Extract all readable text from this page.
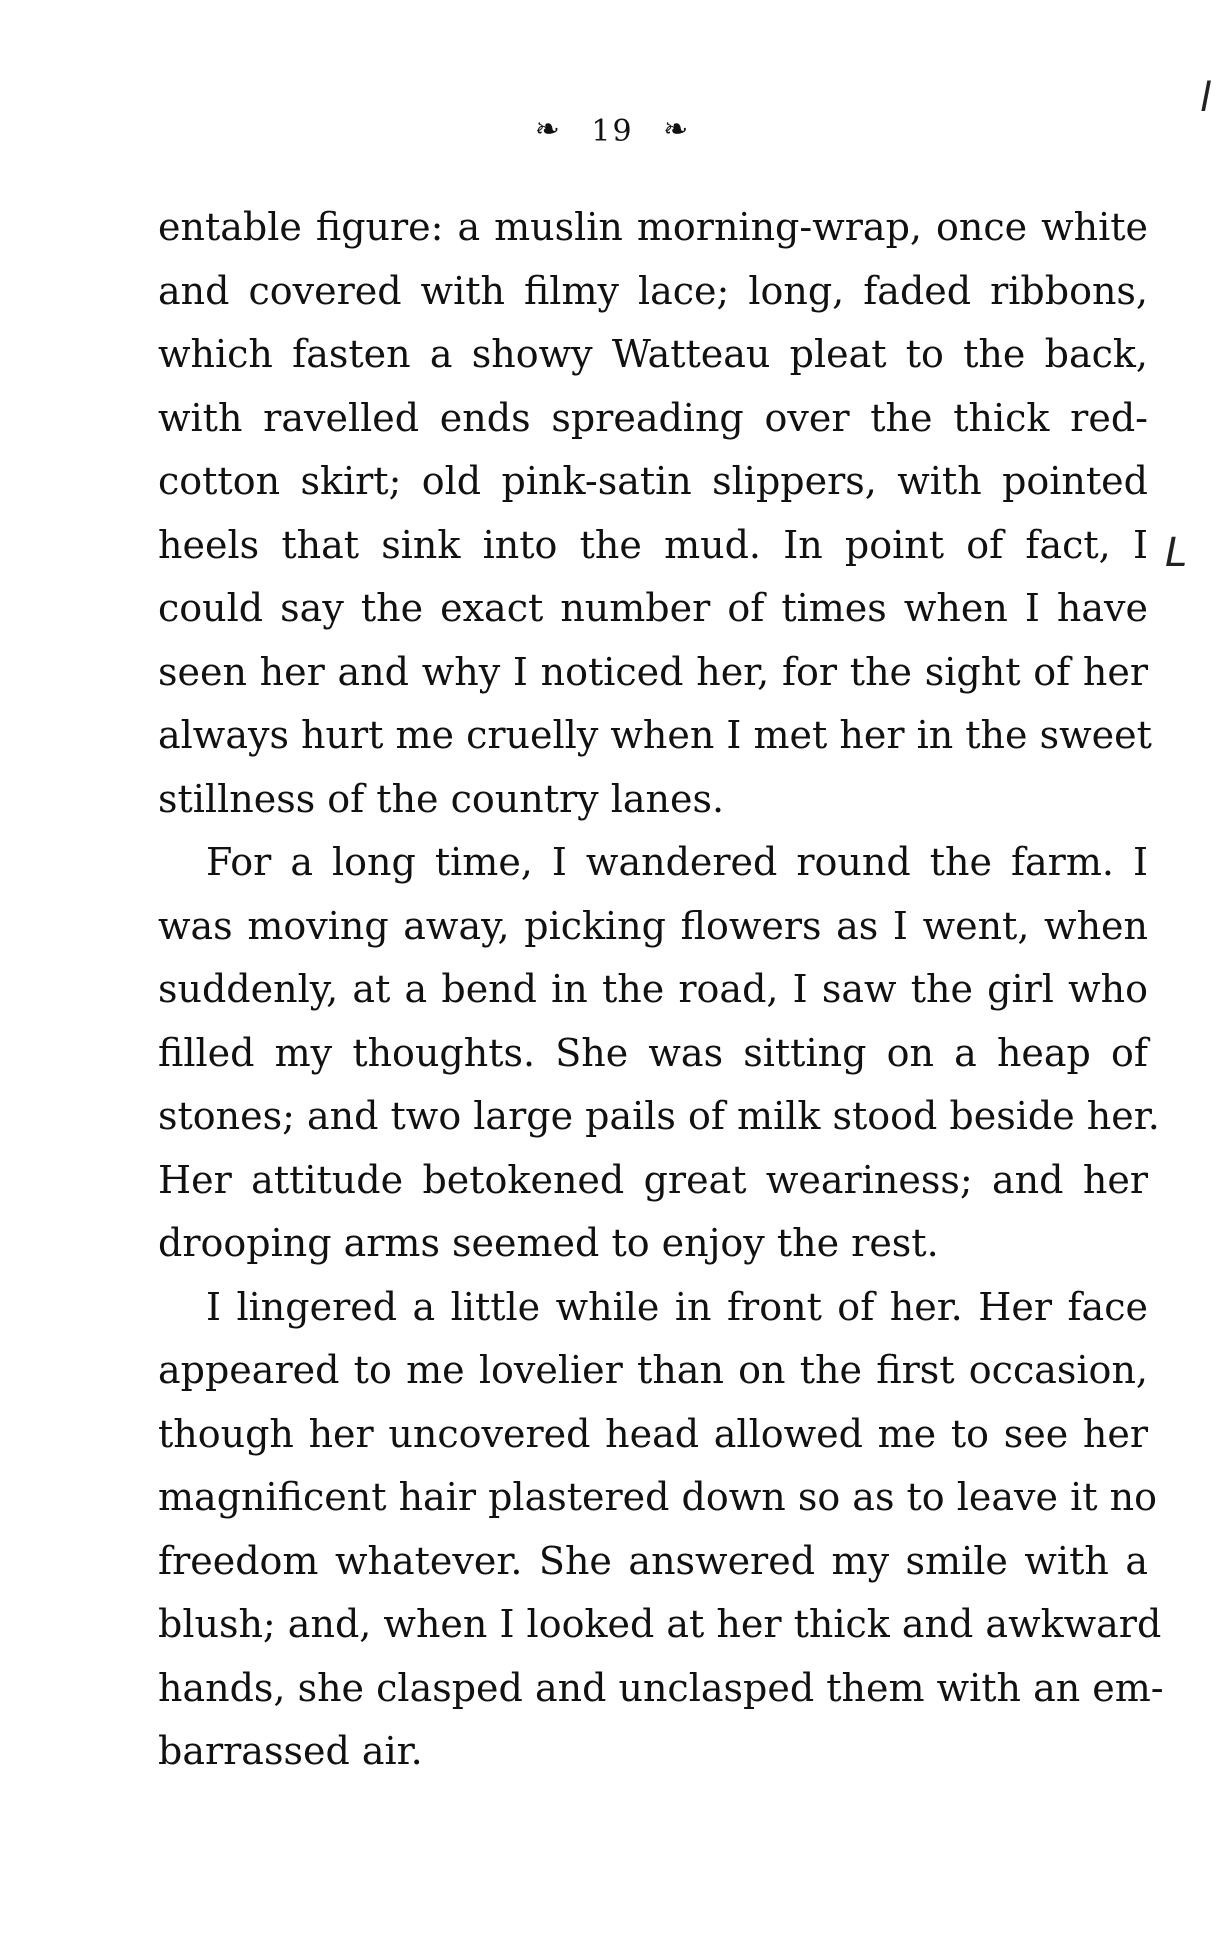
❧ 19 ❧
l
L
entable figure: a muslin morning-wrap, once white
and covered with filmy lace; long, faded ribbons,
which fasten a showy Watteau pleat to the back,
with ravelled ends spreading over the thick red-
cotton skirt; old pink-satin slippers, with pointed
heels that sink into the mud. In point of fact, I
could say the exact number of times when I have
seen her and why I noticed her, for the sight of her
always hurt me cruelly when I met her in the sweet
stillness of the country lanes.
For a long time, I wandered round the farm. I
was moving away, picking flowers as I went, when
suddenly, at a bend in the road, I saw the girl who
filled my thoughts. She was sitting on a heap of
stones; and two large pails of milk stood beside her.
Her attitude betokened great weariness; and her
drooping arms seemed to enjoy the rest.
I lingered a little while in front of her. Her face
appeared to me lovelier than on the first occasion,
though her uncovered head allowed me to see her
magnificent hair plastered down so as to leave it no
freedom whatever. She answered my smile with a
blush; and, when I looked at her thick and awkward
hands, she clasped and unclasped them with an em-
barrassed air.
